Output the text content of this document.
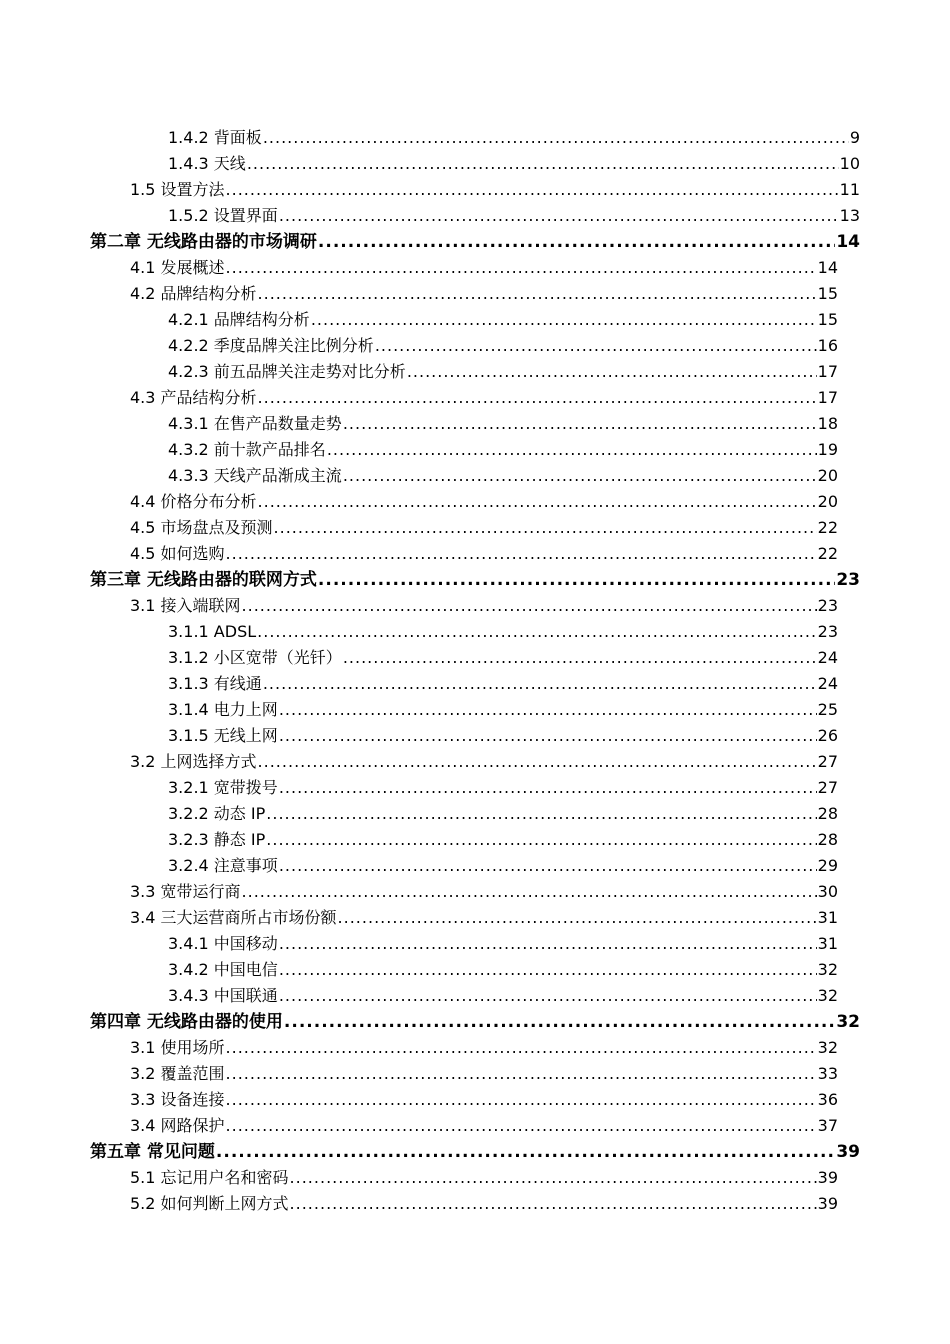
1.4.2 背面板 .....	9
1.4.3 天线 .....	10
1.5 设置方法 .....	11
1.5.2 设置界面 .....	13
第二章 无线路由器的市场调研 .....	14
4.1 发展概述 .....	14
4.2 品牌结构分析 .....	15
4.2.1 品牌结构分析 .....	15
4.2.2 季度品牌关注比例分析 .....	16
4.2.3 前五品牌关注走势对比分析 .....	17
4.3 产品结构分析 .....	17
4.3.1 在售产品数量走势 .....	18
4.3.2 前十款产品排名 .....	19
4.3.3 天线产品渐成主流 .....	20
4.4 价格分布分析 .....	20
4.5 市场盘点及预测 .....	22
4.5 如何选购 .....	22
第三章 无线路由器的联网方式 .....	23
3.1 接入端联网 .....	23
3.1.1 ADSL .....	23
3.1.2 小区宽带（光钎） .....	24
3.1.3 有线通 .....	24
3.1.4 电力上网 .....	25
3.1.5 无线上网 .....	26
3.2 上网选择方式 .....	27
3.2.1 宽带拨号 .....	27
3.2.2 动态 IP .....	28
3.2.3 静态 IP .....	28
3.2.4 注意事项 .....	29
3.3 宽带运行商 .....	30
3.4 三大运营商所占市场份额 .....	31
3.4.1 中国移动 .....	31
3.4.2 中国电信 .....	32
3.4.3 中国联通 .....	32
第四章 无线路由器的使用 .....	32
3.1 使用场所 .....	32
3.2 覆盖范围 .....	33
3.3 设备连接 .....	36
3.4 网路保护 .....	37
第五章 常见问题 .....	39
5.1 忘记用户名和密码 .....	39
5.2 如何判断上网方式 .....	39
